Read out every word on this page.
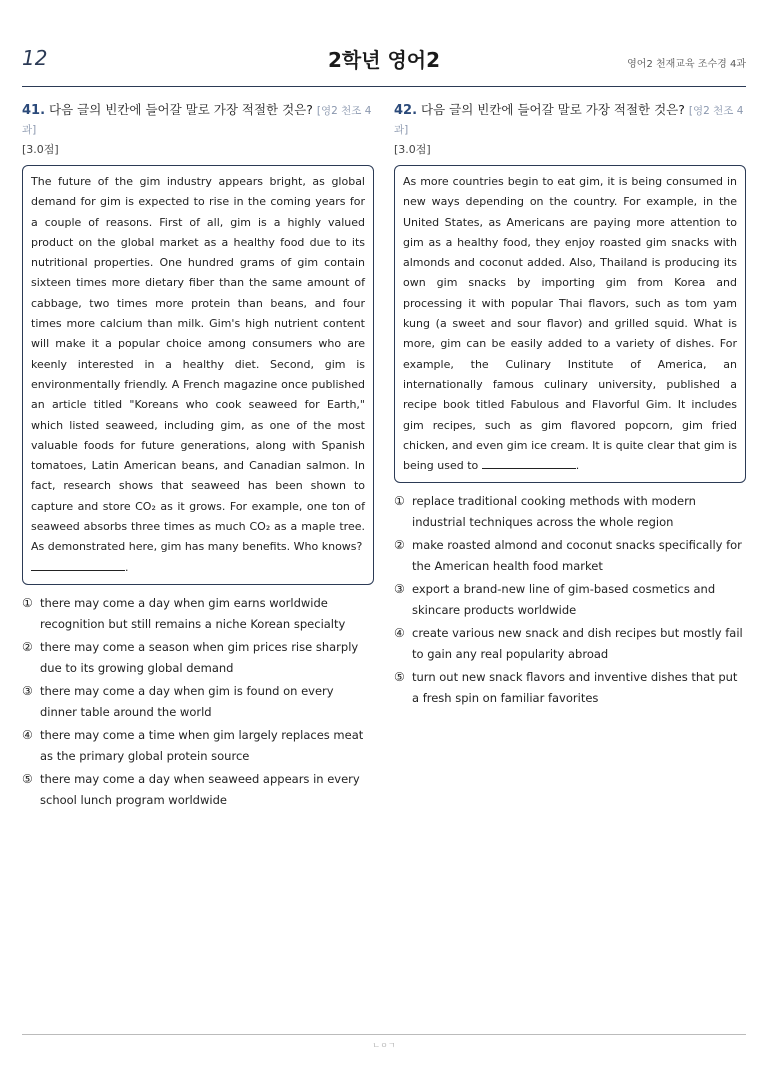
12	2학년 영어2	영어2 천재교육 조수경 4과
41. 다음 글의 빈칸에 들어갈 말로 가장 적절한 것은? [영2 천조 4과]
[3.0점]
The future of the gim industry appears bright, as global demand for gim is expected to rise in the coming years for a couple of reasons. First of all, gim is a highly valued product on the global market as a healthy food due to its nutritional properties. One hundred grams of gim contain sixteen times more dietary fiber than the same amount of cabbage, two times more protein than beans, and four times more calcium than milk. Gim's high nutrient content will make it a popular choice among consumers who are keenly interested in a healthy diet. Second, gim is environmentally friendly. A French magazine once published an article titled "Koreans who cook seaweed for Earth," which listed seaweed, including gim, as one of the most valuable foods for future generations, along with Spanish tomatoes, Latin American beans, and Canadian salmon. In fact, research shows that seaweed has been shown to capture and store CO₂ as it grows. For example, one ton of seaweed absorbs three times as much CO₂ as a maple tree. As demonstrated here, gim has many benefits. Who knows?
.
① there may come a day when gim earns worldwide recognition but still remains a niche Korean specialty
② there may come a season when gim prices rise sharply due to its growing global demand
③ there may come a day when gim is found on every dinner table around the world
④ there may come a time when gim largely replaces meat as the primary global protein source
⑤ there may come a day when seaweed appears in every school lunch program worldwide
42. 다음 글의 빈칸에 들어갈 말로 가장 적절한 것은? [영2 천조 4과]
[3.0점]
As more countries begin to eat gim, it is being consumed in new ways depending on the country. For example, in the United States, as Americans are paying more attention to gim as a healthy food, they enjoy roasted gim snacks with almonds and coconut added. Also, Thailand is producing its own gim snacks by importing gim from Korea and processing it with popular Thai flavors, such as tom yam kung (a sweet and sour flavor) and grilled squid. What is more, gim can be easily added to a variety of dishes. For example, the Culinary Institute of America, an internationally famous culinary university, published a recipe book titled Fabulous and Flavorful Gim. It includes gim recipes, such as gim flavored popcorn, gim fried chicken, and even gim ice cream. It is quite clear that gim is being used to	.
① replace traditional cooking methods with modern industrial techniques across the whole region
② make roasted almond and coconut snacks specifically for the American health food market
③ export a brand-new line of gim-based cosmetics and skincare products worldwide
④ create various new snack and dish recipes but mostly fail to gain any real popularity abroad
⑤ turn out new snack flavors and inventive dishes that put a fresh spin on familiar favorites
ㄴㅇㄱ
